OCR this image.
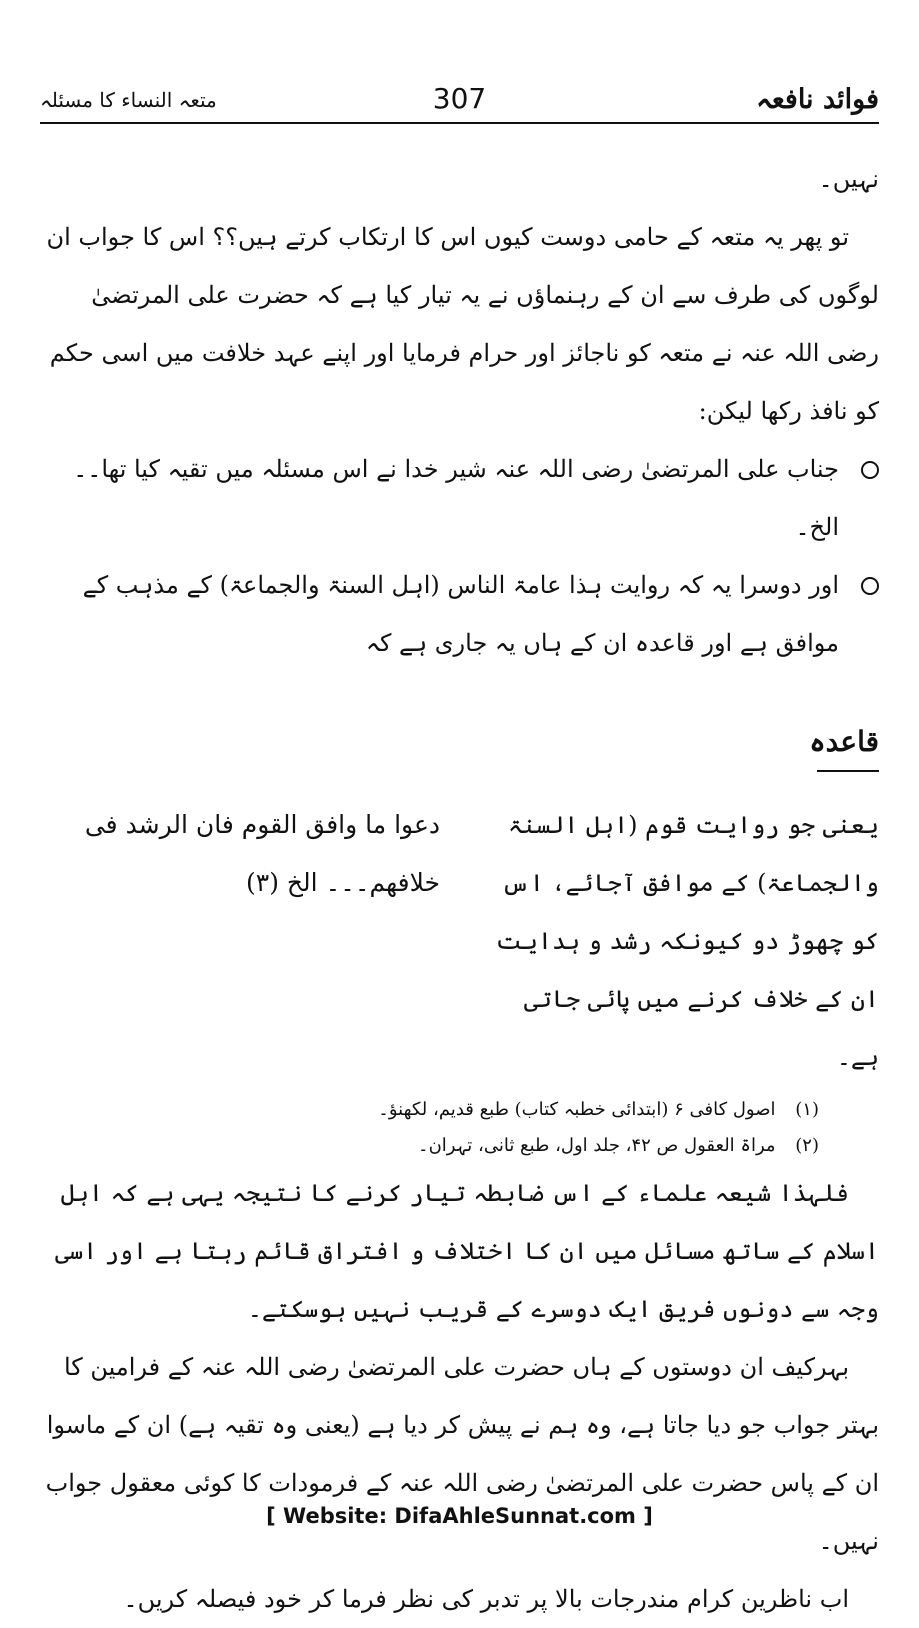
فوائد نافعہ
307
متعہ النساء کا مسئلہ

نہیں۔

تو پھر یہ متعہ کے حامی دوست کیوں اس کا ارتکاب کرتے ہیں؟؟ اس کا جواب ان لوگوں کی طرف سے ان کے رہنماؤں نے یہ تیار کیا ہے کہ حضرت علی المرتضیٰ رضی اللہ عنہ نے متعہ کو ناجائز اور حرام فرمایا اور اپنے عہد خلافت میں اسی حکم کو نافذ رکھا لیکن:

جناب علی المرتضیٰ رضی اللہ عنہ شیر خدا نے اس مسئلہ میں تقیہ کیا تھا۔۔ الخ۔

اور دوسرا یہ کہ روایت ہذا عامۃ الناس (اہل السنۃ والجماعۃ) کے مذہب کے موافق ہے اور قاعدہ ان کے ہاں یہ جاری ہے کہ

قاعدہ

یعنی جو روایت قوم (اہل السنۃ والجماعۃ) کے موافق آجائے، اس کو چھوڑ دو کیونکہ رشد و ہدایت ان کے خلاف کرنے میں پائی جاتی ہے۔

دعوا ما وافق القوم فان الرشد فی خلافھم۔۔۔ الخ (۳)

(۱) اصول کافی ۶ (ابتدائی خطبہ کتاب) طبع قدیم، لکھنؤ۔
(۲) مراۃ العقول ص ۴۲، جلد اول، طبع ثانی، تہران۔

فلہذا شیعہ علماء کے اس ضابطہ تیار کرنے کا نتیجہ یہی ہے کہ اہل اسلام کے ساتھ مسائل میں ان کا اختلاف و افتراق قائم رہتا ہے اور اسی وجہ سے دونوں فریق ایک دوسرے کے قریب نہیں ہوسکتے۔

بہرکیف ان دوستوں کے ہاں حضرت علی المرتضیٰ رضی اللہ عنہ کے فرامین کا بہتر جواب جو دیا جاتا ہے، وہ ہم نے پیش کر دیا ہے (یعنی وہ تقیہ ہے) ان کے ماسوا ان کے پاس حضرت علی المرتضیٰ رضی اللہ عنہ کے فرمودات کا کوئی معقول جواب نہیں۔

اب ناظرین کرام مندرجات بالا پر تدبر کی نظر فرما کر خود فیصلہ کریں۔

[ Website: DifaAhleSunnat.com ]
